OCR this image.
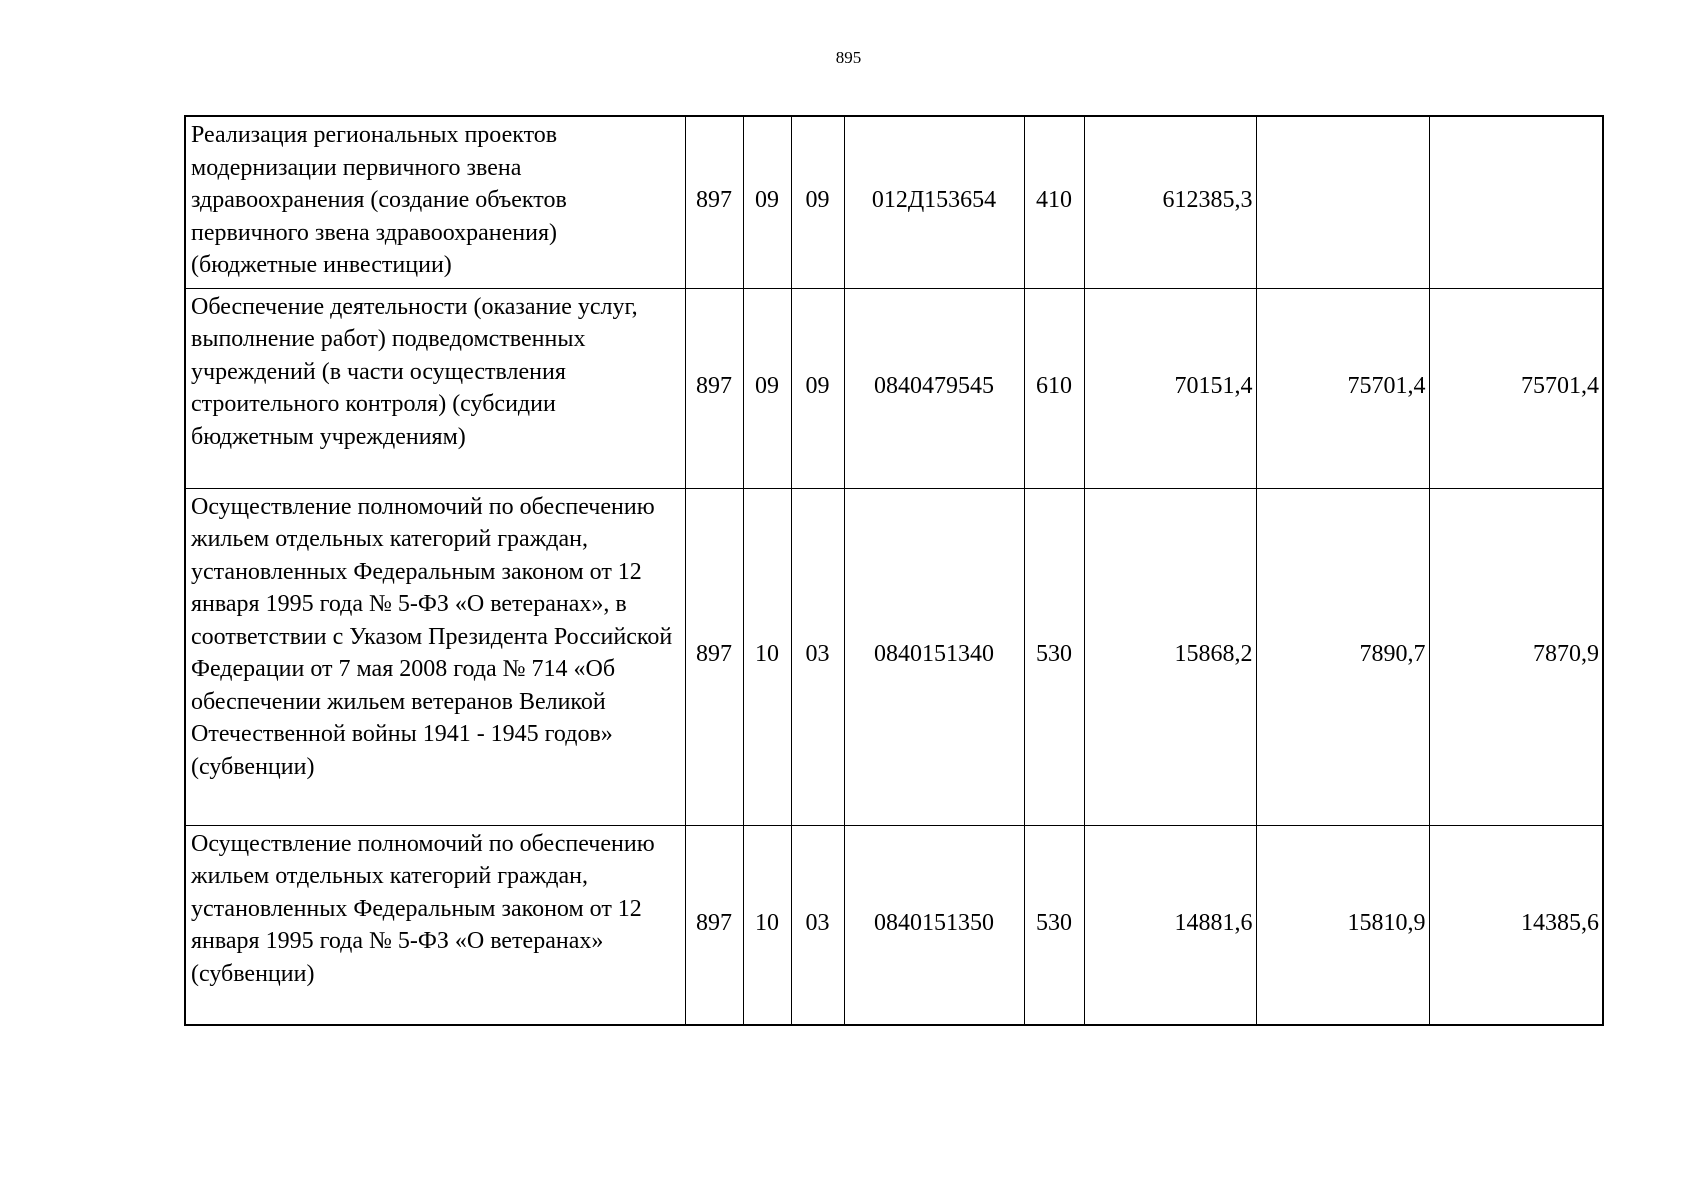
895
Реализация региональных проектов модернизации первичного звена здравоохранения (создание объектов первичного звена здравоохранения) (бюджетные инвестиции)	897	09	09	012Д153654	410	612385,3		
Обеспечение деятельности (оказание услуг, выполнение работ) подведомственных учреждений (в части осуществления строительного контроля) (субсидии бюджетным учреждениям)	897	09	09	0840479545	610	70151,4	75701,4	75701,4
Осуществление полномочий по обеспечению жильем отдельных категорий граждан, установленных Федеральным законом от 12 января 1995 года № 5-ФЗ «О ветеранах», в соответствии с Указом Президента Российской Федерации от 7 мая 2008 года № 714 «Об обеспечении жильем ветеранов Великой Отечественной войны 1941 - 1945 годов» (субвенции)	897	10	03	0840151340	530	15868,2	7890,7	7870,9
Осуществление полномочий по обеспечению жильем отдельных категорий граждан, установленных Федеральным законом от 12 января 1995 года № 5-ФЗ «О ветеранах» (субвенции)	897	10	03	0840151350	530	14881,6	15810,9	14385,6
